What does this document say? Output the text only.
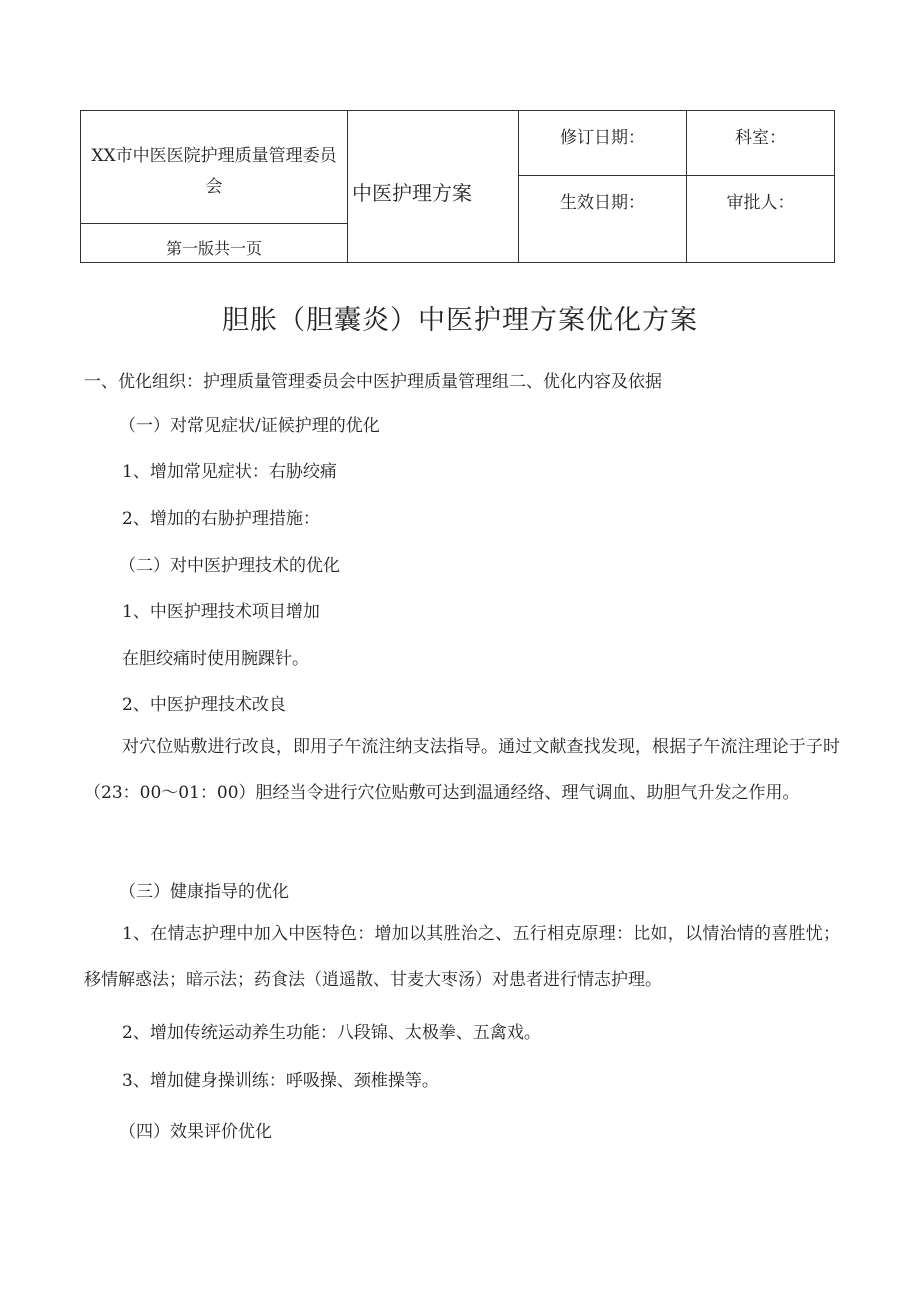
XX市中医医院护理质量管理委员会
第一版共一页
中医护理方案
修订日期：	科室：
生效日期：	审批人：
胆胀（胆囊炎）中医护理方案优化方案
一、优化组织：护理质量管理委员会中医护理质量管理组二、优化内容及依据
（一）对常见症状/证候护理的优化
1、增加常见症状：右胁绞痛
2、增加的右胁护理措施：
（二）对中医护理技术的优化
1、中医护理技术项目增加
在胆绞痛时使用腕踝针。
2、中医护理技术改良
对穴位贴敷进行改良，即用子午流注纳支法指导。通过文献查找发现，根据子午流注理论于子时（23：00～01：00）胆经当令进行穴位贴敷可达到温通经络、理气调血、助胆气升发之作用。
（三）健康指导的优化
1、在情志护理中加入中医特色：增加以其胜治之、五行相克原理：比如，以情治情的喜胜忧；移情解惑法；暗示法；药食法（逍遥散、甘麦大枣汤）对患者进行情志护理。
2、增加传统运动养生功能：八段锦、太极拳、五禽戏。
3、增加健身操训练：呼吸操、颈椎操等。
（四）效果评价优化
